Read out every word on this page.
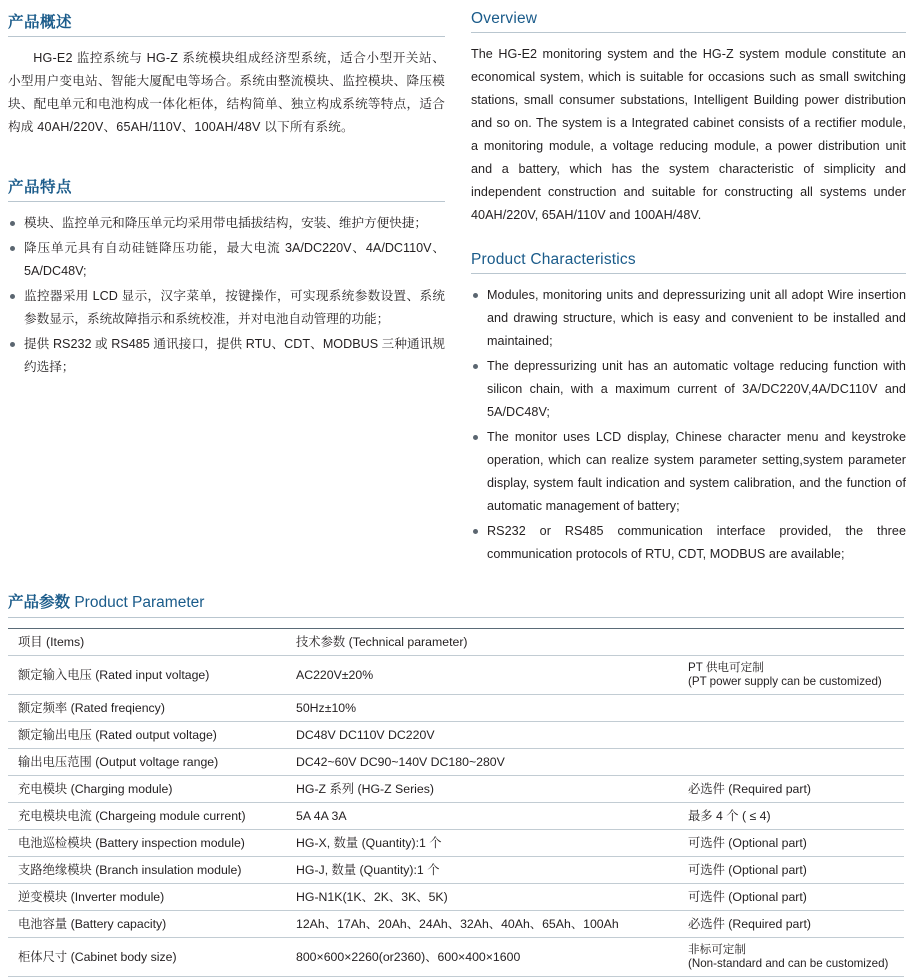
产品概述

HG-E2 监控系统与 HG-Z 系统模块组成经济型系统，适合小型开关站、小型用户变电站、智能大厦配电等场合。系统由整流模块、监控模块、降压模块、配电单元和电池构成一体化柜体，结构简单、独立构成系统等特点，适合构成 40AH/220V、65AH/110V、100AH/48V 以下所有系统。

产品特点
模块、监控单元和降压单元均采用带电插拔结构，安装、维护方便快捷；
降压单元具有自动硅链降压功能，最大电流 3A/DC220V、4A/DC110V、 5A/DC48V;
监控器采用 LCD 显示，汉字菜单，按键操作，可实现系统参数设置、系统参数显示，系统故障指示和系统校准，并对电池自动管理的功能；
提供 RS232 或 RS485 通讯接口，提供 RTU、CDT、MODBUS 三种通讯规约选择；
Overview

The HG-E2 monitoring system and the HG-Z system module constitute an economical system, which is suitable for occasions such as small switching stations, small consumer substations, Intelligent Building power distribution and so on. The system is a Integrated cabinet consists of a rectifier module, a monitoring module, a voltage reducing module, a power distribution unit and a battery, which has the system characteristic of simplicity and independent construction and suitable for constructing all systems under 40AH/220V, 65AH/110V and 100AH/48V.

Product Characteristics
Modules, monitoring units and depressurizing unit all adopt Wire insertion and drawing structure, which is easy and convenient to be installed and maintained;
The depressurizing unit has an automatic voltage reducing function with silicon chain, with a maximum current of 3A/DC220V,4A/DC110V and 5A/DC48V;
The monitor uses LCD display, Chinese character menu and keystroke operation, which can realize system parameter setting,system parameter display, system fault indication and system calibration, and the function of automatic management of battery;
RS232 or RS485 communication interface provided, the three communication protocols of RTU, CDT, MODBUS are available;
产品参数 Product Parameter
项目 (Items)	技术参数 (Technical parameter)	
额定输入电压 (Rated input voltage)	AC220V±20%	PT 供电可定制
(PT power supply can be customized)

额定频率 (Rated freqiency)	50Hz±10%	
额定输出电压 (Rated output voltage)	DC48V DC110V DC220V	
输出电压范围 (Output voltage range)	DC42~60V DC90~140V DC180~280V	
充电模块 (Charging module)	HG-Z 系列 (HG-Z Series)	必选件 (Required part)
充电模块电流 (Chargeing module current)	5A 4A 3A	最多 4 个 ( ≤ 4)
电池巡检模块 (Battery inspection module)	HG-X, 数量 (Quantity):1 个	可选件 (Optional part)
支路绝缘模块 (Branch insulation module)	HG-J, 数量 (Quantity):1 个	可选件 (Optional part)
逆变模块 (Inverter module)	HG-N1K(1K、2K、3K、5K)	可选件 (Optional part)
电池容量 (Battery capacity)	12Ah、17Ah、20Ah、24Ah、32Ah、40Ah、65Ah、100Ah	必选件 (Required part)
柜体尺寸 (Cabinet body size)	800×600×2260(or2360)、600×400×1600	非标可定制
(Non-standard and can be customized)
